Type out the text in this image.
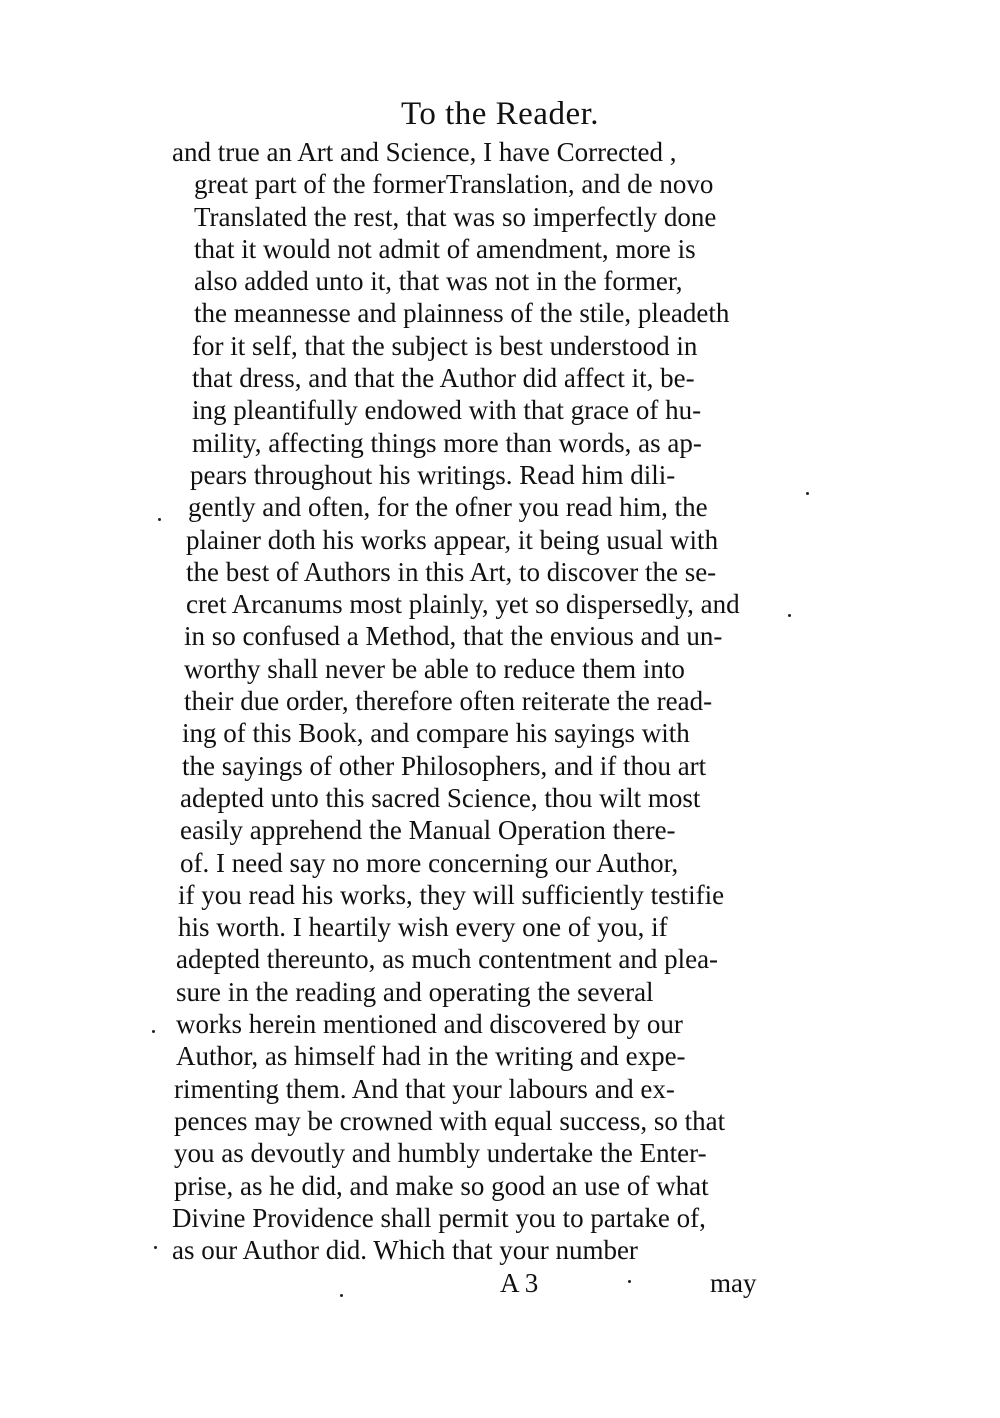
To the Reader.
and true an Art and Science, I have Corrected ,
great part of the formerTranslation, and de novo
Translated the rest, that was so imperfectly done
that it would not admit of amendment, more is
also added unto it, that was not in the former,
the meannesse and plainness of the stile, pleadeth
for it self, that the subject is best understood in
that dress, and that the Author did affect it, be-
ing pleantifully endowed with that grace of hu-
mility, affecting things more than words, as ap-
pears throughout his writings. Read him dili-
gently and often, for the ofner you read him, the
plainer doth his works appear, it being usual with
the best of Authors in this Art, to discover the se-
cret Arcanums most plainly, yet so dispersedly, and
in so confused a Method, that the envious and un-
worthy shall never be able to reduce them into
their due order, therefore often reiterate the read-
ing of this Book, and compare his sayings with
the sayings of other Philosophers, and if thou art
adepted unto this sacred Science, thou wilt most
easily apprehend the Manual Operation there-
of. I need say no more concerning our Author,
if you read his works, they will sufficiently testifie
his worth. I heartily wish every one of you, if
adepted thereunto, as much contentment and plea-
sure in the reading and operating the several
works herein mentioned and discovered by our
Author, as himself had in the writing and expe-
rimenting them. And that your labours and ex-
pences may be crowned with equal success, so that
you as devoutly and humbly undertake the Enter-
prise, as he did, and make so good an use of what
Divine Providence shall permit you to partake of,
as our Author did. Which that your number
A 3	may
